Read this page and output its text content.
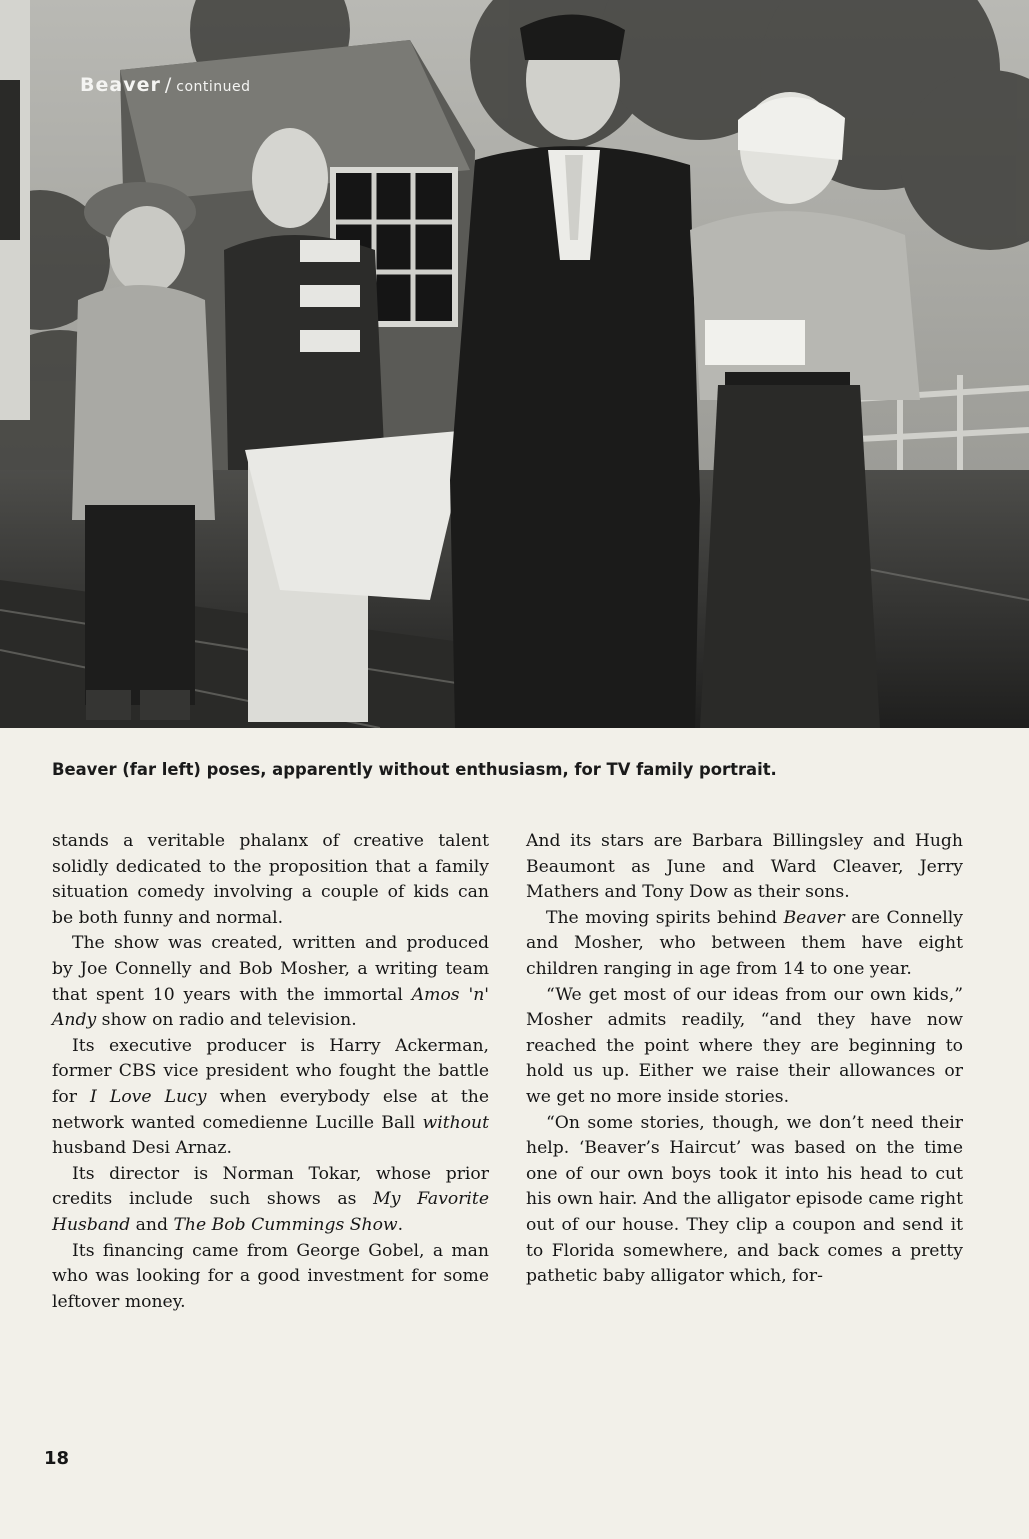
Beaver / continued
Beaver (far left) poses, apparently without enthusiasm, for TV family portrait.

stands a veritable phalanx of creative talent solidly dedicated to the proposition that a family situation comedy involving a couple of kids can be both funny and normal.

The show was created, written and produced by Joe Connelly and Bob Mosher, a writing team that spent 10 years with the immortal Amos 'n' Andy show on radio and television.

Its executive producer is Harry Ackerman, former CBS vice president who fought the battle for I Love Lucy when everybody else at the network wanted comedienne Lucille Ball without husband Desi Arnaz.

Its director is Norman Tokar, whose prior credits include such shows as My Favorite Husband and The Bob Cummings Show.

Its financing came from George Gobel, a man who was looking for a good investment for some leftover money.

And its stars are Barbara Billingsley and Hugh Beaumont as June and Ward Cleaver, Jerry Mathers and Tony Dow as their sons.

The moving spirits behind Beaver are Connelly and Mosher, who between them have eight children ranging in age from 14 to one year.

“We get most of our ideas from our own kids,” Mosher admits readily, “and they have now reached the point where they are beginning to hold us up. Either we raise their allowances or we get no more inside stories.

“On some stories, though, we don’t need their help. ‘Beaver’s Haircut’ was based on the time one of our own boys took it into his head to cut his own hair. And the alligator episode came right out of our house. They clip a coupon and send it to Florida somewhere, and back comes a pretty pathetic baby alligator which, for-

18
